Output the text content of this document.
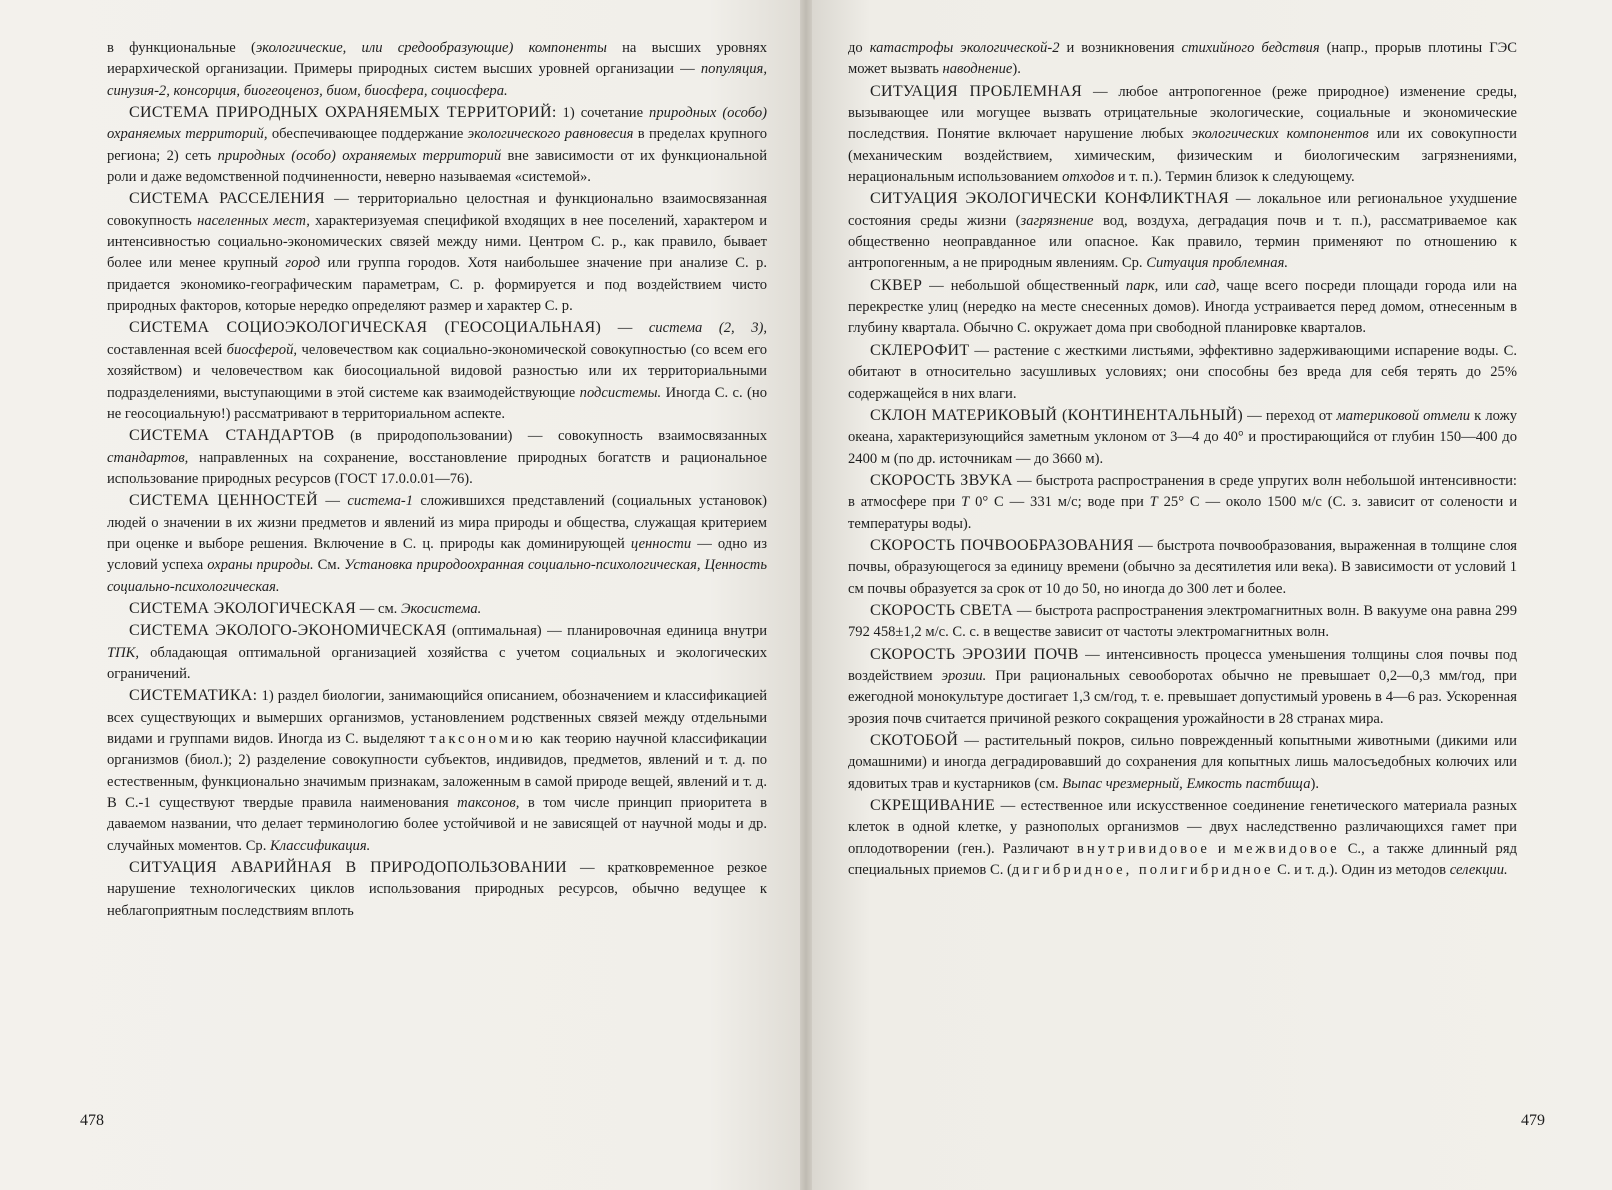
в функциональные (экологические, или средообразующие) компоненты на высших уровнях иерархической организации. Примеры природных систем высших уровней организации — популяция, синузия-2, консорция, биогеоценоз, биом, биосфера, социосфера.

СИСТЕМА ПРИРОДНЫХ ОХРАНЯЕМЫХ ТЕРРИТОРИЙ: 1) сочетание природных (особо) охраняемых территорий, обеспечивающее поддержание экологического равновесия в пределах крупного региона; 2) сеть природных (особо) охраняемых территорий вне зависимости от их функциональной роли и даже ведомственной подчиненности, неверно называемая «системой».

СИСТЕМА РАССЕЛЕНИЯ — территориально целостная и функционально взаимосвязанная совокупность населенных мест, характеризуемая спецификой входящих в нее поселений, характером и интенсивностью социально-экономических связей между ними. Центром С. р., как правило, бывает более или менее крупный город или группа городов. Хотя наибольшее значение при анализе С. р. придается экономико-географическим параметрам, С. р. формируется и под воздействием чисто природных факторов, которые нередко определяют размер и характер С. р.

СИСТЕМА СОЦИОЭКОЛОГИЧЕСКАЯ (ГЕОСОЦИАЛЬНАЯ) — система (2, 3), составленная всей биосферой, человечеством как социально-экономической совокупностью (со всем его хозяйством) и человечеством как биосоциальной видовой разностью или их территориальными подразделениями, выступающими в этой системе как взаимодействующие подсистемы. Иногда С. с. (но не геосоциальную!) рассматривают в территориальном аспекте.

СИСТЕМА СТАНДАРТОВ (в природопользовании) — совокупность взаимосвязанных стандартов, направленных на сохранение, восстановление природных богатств и рациональное использование природных ресурсов (ГОСТ 17.0.0.01—76).

СИСТЕМА ЦЕННОСТЕЙ — система-1 сложившихся представлений (социальных установок) людей о значении в их жизни предметов и явлений из мира природы и общества, служащая критерием при оценке и выборе решения. Включение в С. ц. природы как доминирующей ценности — одно из условий успеха охраны природы. См. Установка природоохранная социально-психологическая, Ценность социально-психологическая.

СИСТЕМА ЭКОЛОГИЧЕСКАЯ — см. Экосистема.

СИСТЕМА ЭКОЛОГО-ЭКОНОМИЧЕСКАЯ (оптимальная) — планировочная единица внутри ТПК, обладающая оптимальной организацией хозяйства с учетом социальных и экологических ограничений.

СИСТЕМАТИКА: 1) раздел биологии, занимающийся описанием, обозначением и классификацией всех существующих и вымерших организмов, установлением родственных связей между отдельными видами и группами видов. Иногда из С. выделяют таксономию как теорию научной классификации организмов (биол.); 2) разделение совокупности субъектов, индивидов, предметов, явлений и т. д. по естественным, функционально значимым признакам, заложенным в самой природе вещей, явлений и т. д. В С.-1 существуют твердые правила наименования таксонов, в том числе принцип приоритета в даваемом названии, что делает терминологию более устойчивой и не зависящей от научной моды и др. случайных моментов. Ср. Классификация.

СИТУАЦИЯ АВАРИЙНАЯ В ПРИРОДОПОЛЬЗОВАНИИ — кратковременное резкое нарушение технологических циклов использования природных ресурсов, обычно ведущее к неблагоприятным последствиям вплоть

478

до катастрофы экологической-2 и возникновения стихийного бедствия (напр., прорыв плотины ГЭС может вызвать наводнение).

СИТУАЦИЯ ПРОБЛЕМНАЯ — любое антропогенное (реже природное) изменение среды, вызывающее или могущее вызвать отрицательные экологические, социальные и экономические последствия. Понятие включает нарушение любых экологических компонентов или их совокупности (механическим воздействием, химическим, физическим и биологическим загрязнениями, нерациональным использованием отходов и т. п.). Термин близок к следующему.

СИТУАЦИЯ ЭКОЛОГИЧЕСКИ КОНФЛИКТНАЯ — локальное или региональное ухудшение состояния среды жизни (загрязнение вод, воздуха, деградация почв и т. п.), рассматриваемое как общественно неоправданное или опасное. Как правило, термин применяют по отношению к антропогенным, а не природным явлениям. Ср. Ситуация проблемная.

СКВЕР — небольшой общественный парк, или сад, чаще всего посреди площади города или на перекрестке улиц (нередко на месте снесенных домов). Иногда устраивается перед домом, отнесенным в глубину квартала. Обычно С. окружает дома при свободной планировке кварталов.

СКЛЕРОФИТ — растение с жесткими листьями, эффективно задерживающими испарение воды. С. обитают в относительно засушливых условиях; они способны без вреда для себя терять до 25% содержащейся в них влаги.

СКЛОН МАТЕРИКОВЫЙ (КОНТИНЕНТАЛЬНЫЙ) — переход от материковой отмели к ложу океана, характеризующийся заметным уклоном от 3—4 до 40° и простирающийся от глубин 150—400 до 2400 м (по др. источникам — до 3660 м).

СКОРОСТЬ ЗВУКА — быстрота распространения в среде упругих волн небольшой интенсивности: в атмосфере при T 0° C — 331 м/с; воде при T 25° C — около 1500 м/с (С. з. зависит от солености и температуры воды).

СКОРОСТЬ ПОЧВООБРАЗОВАНИЯ — быстрота почвообразования, выраженная в толщине слоя почвы, образующегося за единицу времени (обычно за десятилетия или века). В зависимости от условий 1 см почвы образуется за срок от 10 до 50, но иногда до 300 лет и более.

СКОРОСТЬ СВЕТА — быстрота распространения электромагнитных волн. В вакууме она равна 299 792 458±1,2 м/с. С. с. в веществе зависит от частоты электромагнитных волн.

СКОРОСТЬ ЭРОЗИИ ПОЧВ — интенсивность процесса уменьшения толщины слоя почвы под воздействием эрозии. При рациональных севооборотах обычно не превышает 0,2—0,3 мм/год, при ежегодной монокультуре достигает 1,3 см/год, т. е. превышает допустимый уровень в 4—6 раз. Ускоренная эрозия почв считается причиной резкого сокращения урожайности в 28 странах мира.

СКОТОБОЙ — растительный покров, сильно поврежденный копытными животными (дикими или домашними) и иногда деградировавший до сохранения для копытных лишь малосъедобных колючих или ядовитых трав и кустарников (см. Выпас чрезмерный, Емкость пастбища).

СКРЕЩИВАНИЕ — естественное или искусственное соединение генетического материала разных клеток в одной клетке, у разнополых организмов — двух наследственно различающихся гамет при оплодотворении (ген.). Различают внутривидовое и межвидовое С., а также длинный ряд специальных приемов С. (дигибридное, полигибридное С. и т. д.). Один из методов селекции.

479
